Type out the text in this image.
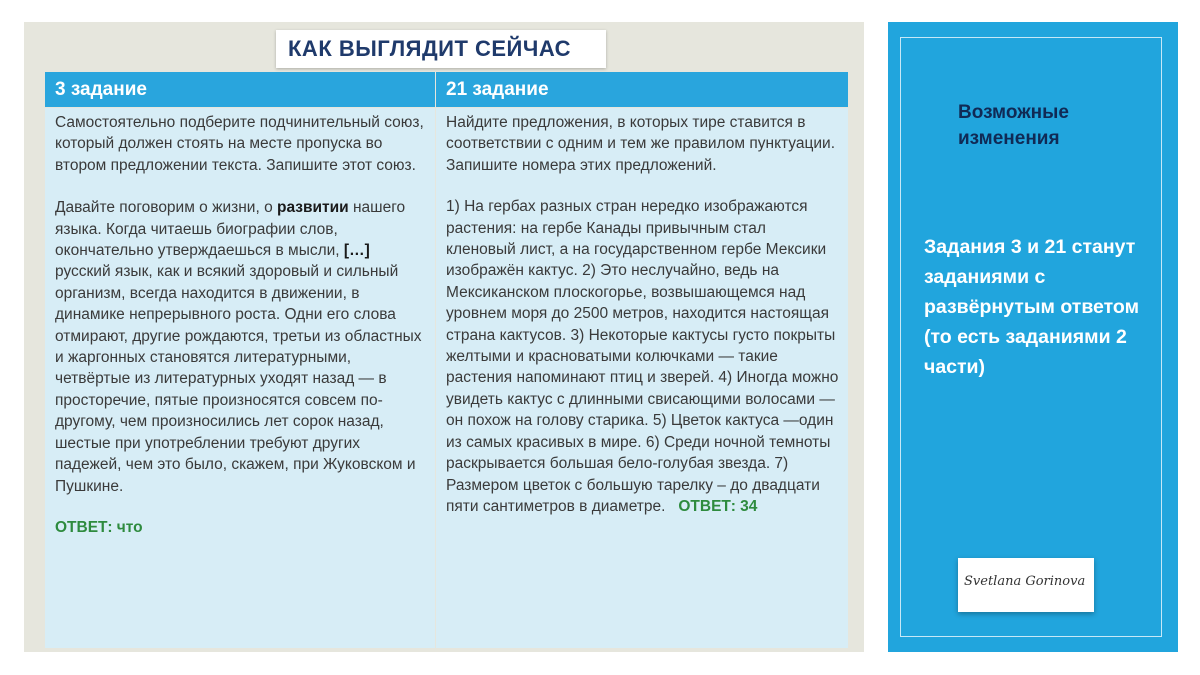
КАК ВЫГЛЯДИТ СЕЙЧАС
3 задание	21 задание

Самостоятельно подберите подчинительный союз, который должен стоять на месте пропуска во втором предложении текста. Запишите этот союз.

Давайте поговорим о жизни, о развитии нашего языка. Когда читаешь биографии слов, окончательно утверждаешься в мысли, […] русский язык, как и всякий здоровый и сильный организм, всегда находится в движении, в динамике непрерывного роста. Одни его слова отмирают, другие рождаются, третьи из областных и жаргонных становятся литературными, четвёртые из литературных уходят назад — в просторечие, пятые произносятся совсем по-другому, чем произносились лет сорок назад, шестые при употреблении требуют других падежей, чем это было, скажем, при Жуковском и Пушкине.

ОТВЕТ: что

Найдите предложения, в которых тире ставится в соответствии с одним и тем же правилом пунктуации. Запишите номера этих предложений.

1) На гербах разных стран нередко изображаются растения: на гербе Канады привычным стал кленовый лист, а на государственном гербе Мексики изображён кактус. 2) Это неслучайно, ведь на Мексиканском плоскогорье, возвышающемся над уровнем моря до 2500 метров, находится настоящая страна кактусов. 3) Некоторые кактусы густо покрыты желтыми и красноватыми колючками — такие растения напоминают птиц и зверей. 4) Иногда можно увидеть кактус с длинными свисающими волосами —он похож на голову старика. 5) Цветок кактуса —один из самых красивых в мире. 6) Среди ночной темноты раскрывается большая бело-голубая звезда. 7) Размером цветок с большую тарелку – до двадцати пяти сантиметров в диаметре. ОТВЕТ: 34

Возможные изменения
Задания 3 и 21 станут заданиями с развёрнутым ответом (то есть заданиями 2 части)
Svetlana Gorinova
